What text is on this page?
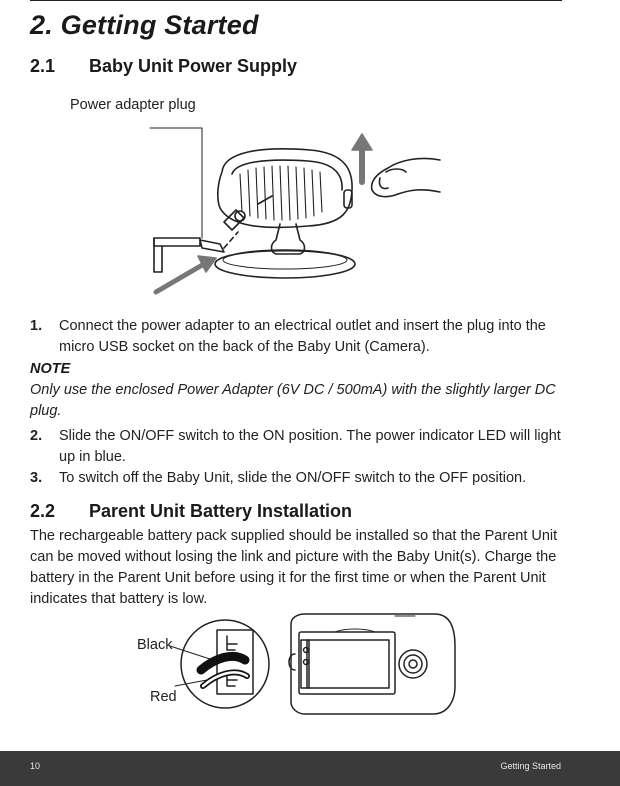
2. Getting Started
2.1 Baby Unit Power Supply
Power adapter plug
1. Connect the power adapter to an electrical outlet and insert the plug into the micro USB socket on the back of the Baby Unit (Camera).
NOTE
Only use the enclosed Power Adapter (6V DC / 500mA) with the slightly larger DC plug.
2. Slide the ON/OFF switch to the ON position. The power indicator LED will light up in blue.
3. To switch off the Baby Unit, slide the ON/OFF switch to the OFF position.
2.2 Parent Unit Battery Installation
The rechargeable battery pack supplied should be installed so that the Parent Unit can be moved without losing the link and picture with the Baby Unit(s). Charge the battery in the Parent Unit before using it for the first time or when the Parent Unit indicates that battery is low.
Black
Red
10	Getting Started
